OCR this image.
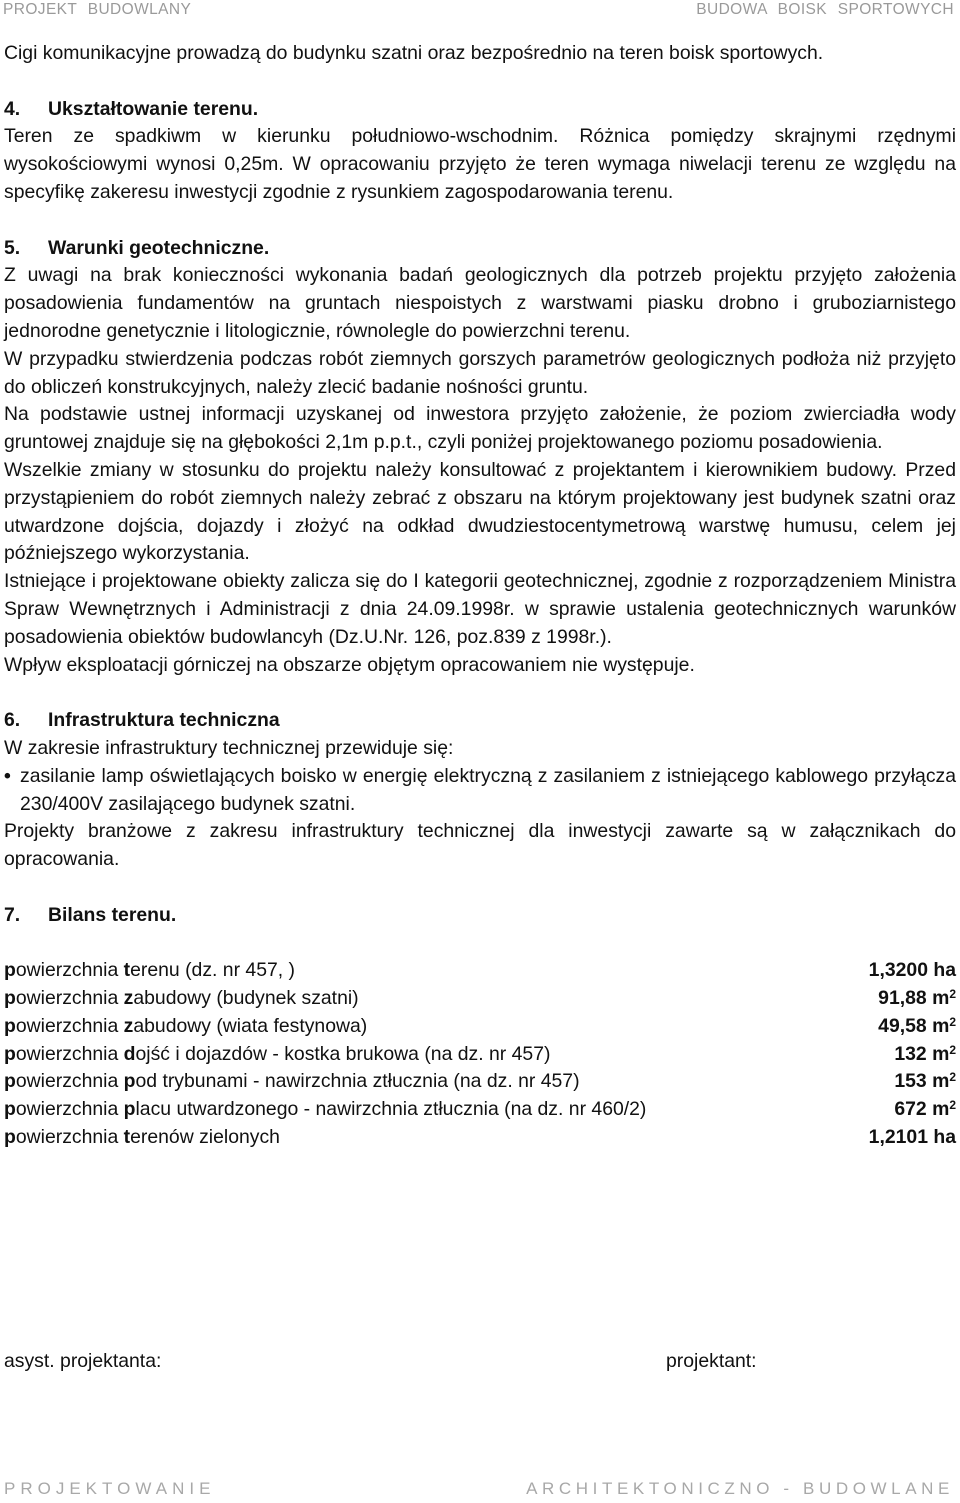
PROJEKT BUDOWLANY	BUDOWA BOISK SPORTOWYCH

Cigi komunikacyjne prowadzą do budynku szatni oraz bezpośrednio na teren boisk sportowych.

4. Ukształtowanie terenu.

Teren ze spadkiwm w kierunku południowo-wschodnim. Różnica pomiędzy skrajnymi rzędnymi wysokościowymi wynosi 0,25m. W opracowaniu przyjęto że teren wymaga niwelacji terenu ze względu na specyfikę zakeresu inwestycji zgodnie z rysunkiem zagospodarowania terenu.

5. Warunki geotechniczne.

Z uwagi na brak konieczności wykonania badań geologicznych dla potrzeb projektu przyjęto założenia posadowienia fundamentów na gruntach niespoistych z warstwami piasku drobno i gruboziarnistego jednorodne genetycznie i litologicznie, równolegle do powierzchni terenu.

W przypadku stwierdzenia podczas robót ziemnych gorszych parametrów geologicznych podłoża niż przyjęto do obliczeń konstrukcyjnych, należy zlecić badanie nośności gruntu.

Na podstawie ustnej informacji uzyskanej od inwestora przyjęto założenie, że poziom zwierciadła wody gruntowej znajduje się na głębokości 2,1m p.p.t., czyli poniżej projektowanego poziomu posadowienia.

Wszelkie zmiany w stosunku do projektu należy konsultować z projektantem i kierownikiem budowy. Przed przystąpieniem do robót ziemnych należy zebrać z obszaru na którym projektowany jest budynek szatni oraz utwardzone dojścia, dojazdy i złożyć na odkład dwudziestocentymetrową warstwę humusu, celem jej późniejszego wykorzystania.

Istniejące i projektowane obiekty zalicza się do I kategorii geotechnicznej, zgodnie z rozporządzeniem Ministra Spraw Wewnętrznych i Administracji z dnia 24.09.1998r. w sprawie ustalenia geotechnicznych warunków posadowienia obiektów budowlancyh (Dz.U.Nr. 126, poz.839 z 1998r.).

Wpływ eksploatacji górniczej na obszarze objętym opracowaniem nie występuje.

6. Infrastruktura techniczna

W zakresie infrastruktury technicznej przewiduje się:

• zasilanie lamp oświetlających boisko w energię elektryczną z zasilaniem z istniejącego kablowego przyłącza 230/400V zasilającego budynek szatni.

Projekty branżowe z zakresu infrastruktury technicznej dla inwestycji zawarte są w załącznikach do opracowania.

7. Bilans terenu.
powierzchnia terenu (dz. nr 457, )	1,3200 ha
powierzchnia zabudowy (budynek szatni)	91,88 $m^2$
powierzchnia zabudowy (wiata festynowa)	49,58 $m^2$
powierzchnia dojść i dojazdów - kostka brukowa (na dz. nr 457)	132 $m^2$
powierzchnia pod trybunami - nawirzchnia ztłucznia (na dz. nr 457)	153 $m^2$
powierzchnia placu utwardzonego - nawirzchnia ztłucznia (na dz. nr 460/2)	672 $m^2$
powierzchnia terenów zielonych	1,2101 ha
asyst. projektanta:	projektant:
PROJEKTOWANIE	ARCHITEKTONICZNO - BUDOWLANE
